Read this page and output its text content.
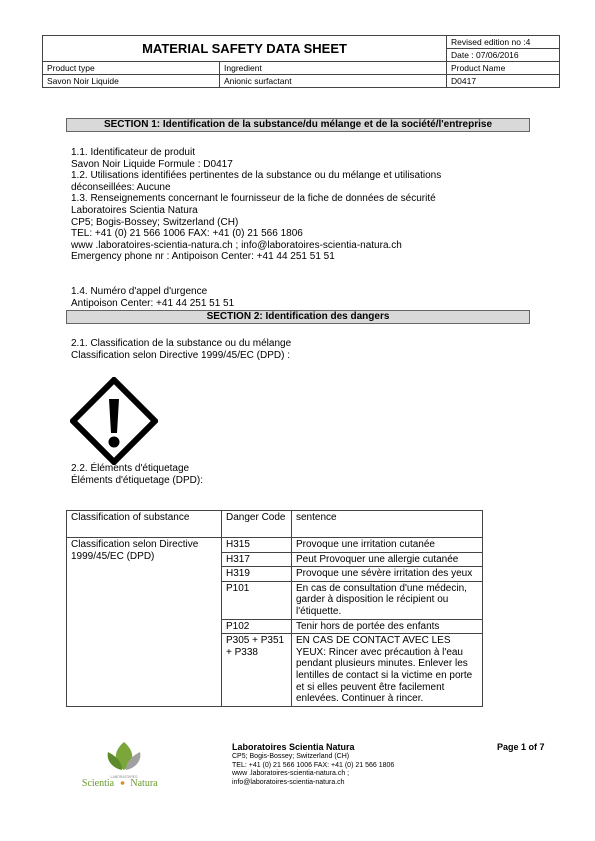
MATERIAL SAFETY DATA SHEET		Revised edition no :4
		Date : 07/06/2016
Product type	Ingredient	Product Name
Savon Noir Liquide	Anionic surfactant	D0417
SECTION 1: Identification de la substance/du mélange et de la société/l'entreprise
1.1. Identificateur de produit
Savon Noir Liquide Formule : D0417
1.2. Utilisations identifiées pertinentes de la substance ou du mélange et utilisations
déconseillées: Aucune
1.3. Renseignements concernant le fournisseur de la fiche de données de sécurité
Laboratoires Scientia Natura
CP5; Bogis-Bossey; Switzerland (CH)
TEL: +41 (0) 21 566 1006 FAX: +41 (0) 21 566 1806
www .laboratoires-scientia-natura.ch ; info@laboratoires-scientia-natura.ch
Emergency phone nr : Antipoison Center: +41 44 251 51 51
1.4. Numéro d'appel d'urgence
Antipoison Center: +41 44 251 51 51
SECTION 2: Identification des dangers
2.1. Classification de la substance ou du mélange
Classification selon Directive 1999/45/EC (DPD) :
2.2. Éléments d'étiquetage
Éléments d'étiquetage (DPD):
Classification of substance	Danger Code	sentence
Classification selon Directive 1999/45/EC (DPD)	H315	Provoque une irritation cutanée
	H317	Peut Provoquer une allergie cutanée
	H319	Provoque une sévère irritation des yeux
	P101	En cas de consultation d'une médecin, garder à disposition le récipient ou l'étiquette.
	P102	Tenir hors de portée des enfants
	P305 + P351 + P338	EN CAS DE CONTACT AVEC LES YEUX: Rincer avec précaution à l'eau pendant plusieurs minutes. Enlever les lentilles de contact si la victime en porte et si elles peuvent être facilement enlevées. Continuer à rincer.
LABORATOIRES
Scientia Natura
Laboratoires Scientia Natura
CP5; Bogis-Bossey; Switzerland (CH)
TEL: +41 (0) 21 566 1006 FAX: +41 (0) 21 566 1806
www .laboratoires-scientia-natura.ch ;
info@laboratoires-scientia-natura.ch
Page 1 of 7
